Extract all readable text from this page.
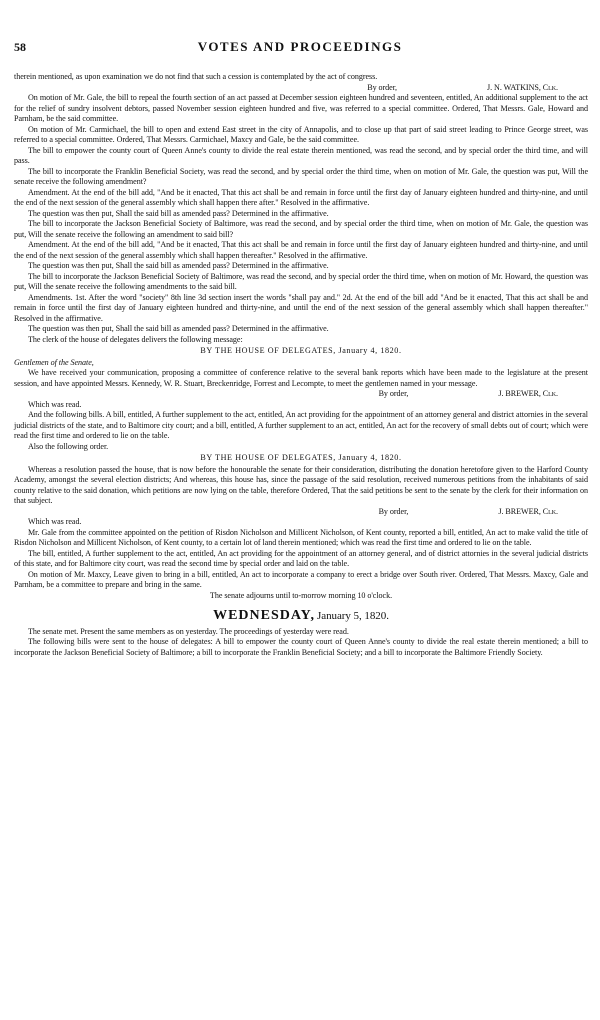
58	VOTES AND PROCEEDINGS

therein mentioned, as upon examination we do not find that such a cession is contemplated by the act of congress.

By order,	J. N. WATKINS, Clk.

On motion of Mr. Gale, the bill to repeal the fourth section of an act passed at December session eighteen hundred and seventeen, entitled, An additional supplement to the act for the relief of sundry insolvent debtors, passed November session eighteen hundred and five, was referred to a special committee. Ordered, That Messrs. Gale, Howard and Parnham, be the said committee.

On motion of Mr. Carmichael, the bill to open and extend East street in the city of Annapolis, and to close up that part of said street leading to Prince George street, was referred to a special committee. Ordered, That Messrs. Carmichael, Maxcy and Gale, be the said committee.

The bill to empower the county court of Queen Anne's county to divide the real estate therein mentioned, was read the second, and by special order the third time, and will pass.

The bill to incorporate the Franklin Beneficial Society, was read the second, and by special order the third time, when on motion of Mr. Gale, the question was put, Will the senate receive the following amendment?

Amendment. At the end of the bill add, "And be it enacted, That this act shall be and remain in force until the first day of January eighteen hundred and thirty-nine, and until the end of the next session of the general assembly which shall happen there after." Resolved in the affirmative.

The question was then put, Shall the said bill as amended pass? Determined in the affirmative.

The bill to incorporate the Jackson Beneficial Society of Baltimore, was read the second, and by special order the third time, when on motion of Mr. Gale, the question was put, Will the senate receive the following an amendment to said bill?

Amendment. At the end of the bill add, "And be it enacted, That this act shall be and remain in force until the first day of January eighteen hundred and thirty-nine, and until the end of the next session of the general assembly which shall happen thereafter." Resolved in the affirmative.

The question was then put, Shall the said bill as amended pass? Determined in the affirmative.

The bill to incorporate the Jackson Beneficial Society of Baltimore, was read the second, and by special order the third time, when on motion of Mr. Howard, the question was put, Will the senate receive the following amendments to the said bill.

Amendments. 1st. After the word "society" 8th line 3d section insert the words "shall pay and." 2d. At the end of the bill add "And be it enacted, That this act shall be and remain in force until the first day of January eighteen hundred and thirty-nine, and until the end of the next session of the general assembly which shall happen thereafter." Resolved in the affirmative.

The question was then put, Shall the said bill as amended pass? Determined in the affirmative.

The clerk of the house of delegates delivers the following message:

BY THE HOUSE OF DELEGATES, January 4, 1820.

Gentlemen of the Senate,

We have received your communication, proposing a committee of conference relative to the several bank reports which have been made to the legislature at the present session, and have appointed Messrs. Kennedy, W. R. Stuart, Breckenridge, Forrest and Lecompte, to meet the gentlemen named in your message.

By order,	J. BREWER, Clk.

Which was read.

And the following bills. A bill, entitled, A further supplement to the act, entitled, An act providing for the appointment of an attorney general and district attornies in the several judicial districts of the state, and to Baltimore city court; and a bill, entitled, A further supplement to an act, entitled, An act for the recovery of small debts out of court; which were read the first time and ordered to lie on the table.

Also the following order.

BY THE HOUSE OF DELEGATES, January 4, 1820.

Whereas a resolution passed the house, that is now before the honourable the senate for their consideration, distributing the donation heretofore given to the Harford County Academy, amongst the several election districts; And whereas, this house has, since the passage of the said resolution, received numerous petitions from the inhabitants of said county relative to the said donation, which petitions are now lying on the table, therefore Ordered, That the said petitions be sent to the senate by the clerk for their information on that subject.

By order,	J. BREWER, Clk.

Which was read.

Mr. Gale from the committee appointed on the petition of Risdon Nicholson and Millicent Nicholson, of Kent county, reported a bill, entitled, An act to make valid the title of Risdon Nicholson and Millicent Nicholson, of Kent county, to a certain lot of land therein mentioned; which was read the first time and ordered to lie on the table.

The bill, entitled, A further supplement to the act, entitled, An act providing for the appointment of an attorney general, and of district attornies in the several judicial districts of this state, and for Baltimore city court, was read the second time by special order and laid on the table.

On motion of Mr. Maxcy, Leave given to bring in a bill, entitled, An act to incorporate a company to erect a bridge over South river. Ordered, That Messrs. Maxcy, Gale and Parnham, be a committee to prepare and bring in the same.

The senate adjourns until to-morrow morning 10 o'clock.

WEDNESDAY, January 5, 1820.

The senate met. Present the same members as on yesterday. The proceedings of yesterday were read.

The following bills were sent to the house of delegates: A bill to empower the county court of Queen Anne's county to divide the real estate therein mentioned; a bill to incorporate the Jackson Beneficial Society of Baltimore; a bill to incorporate the Franklin Beneficial Society; and a bill to incorporate the Baltimore Friendly Society.
